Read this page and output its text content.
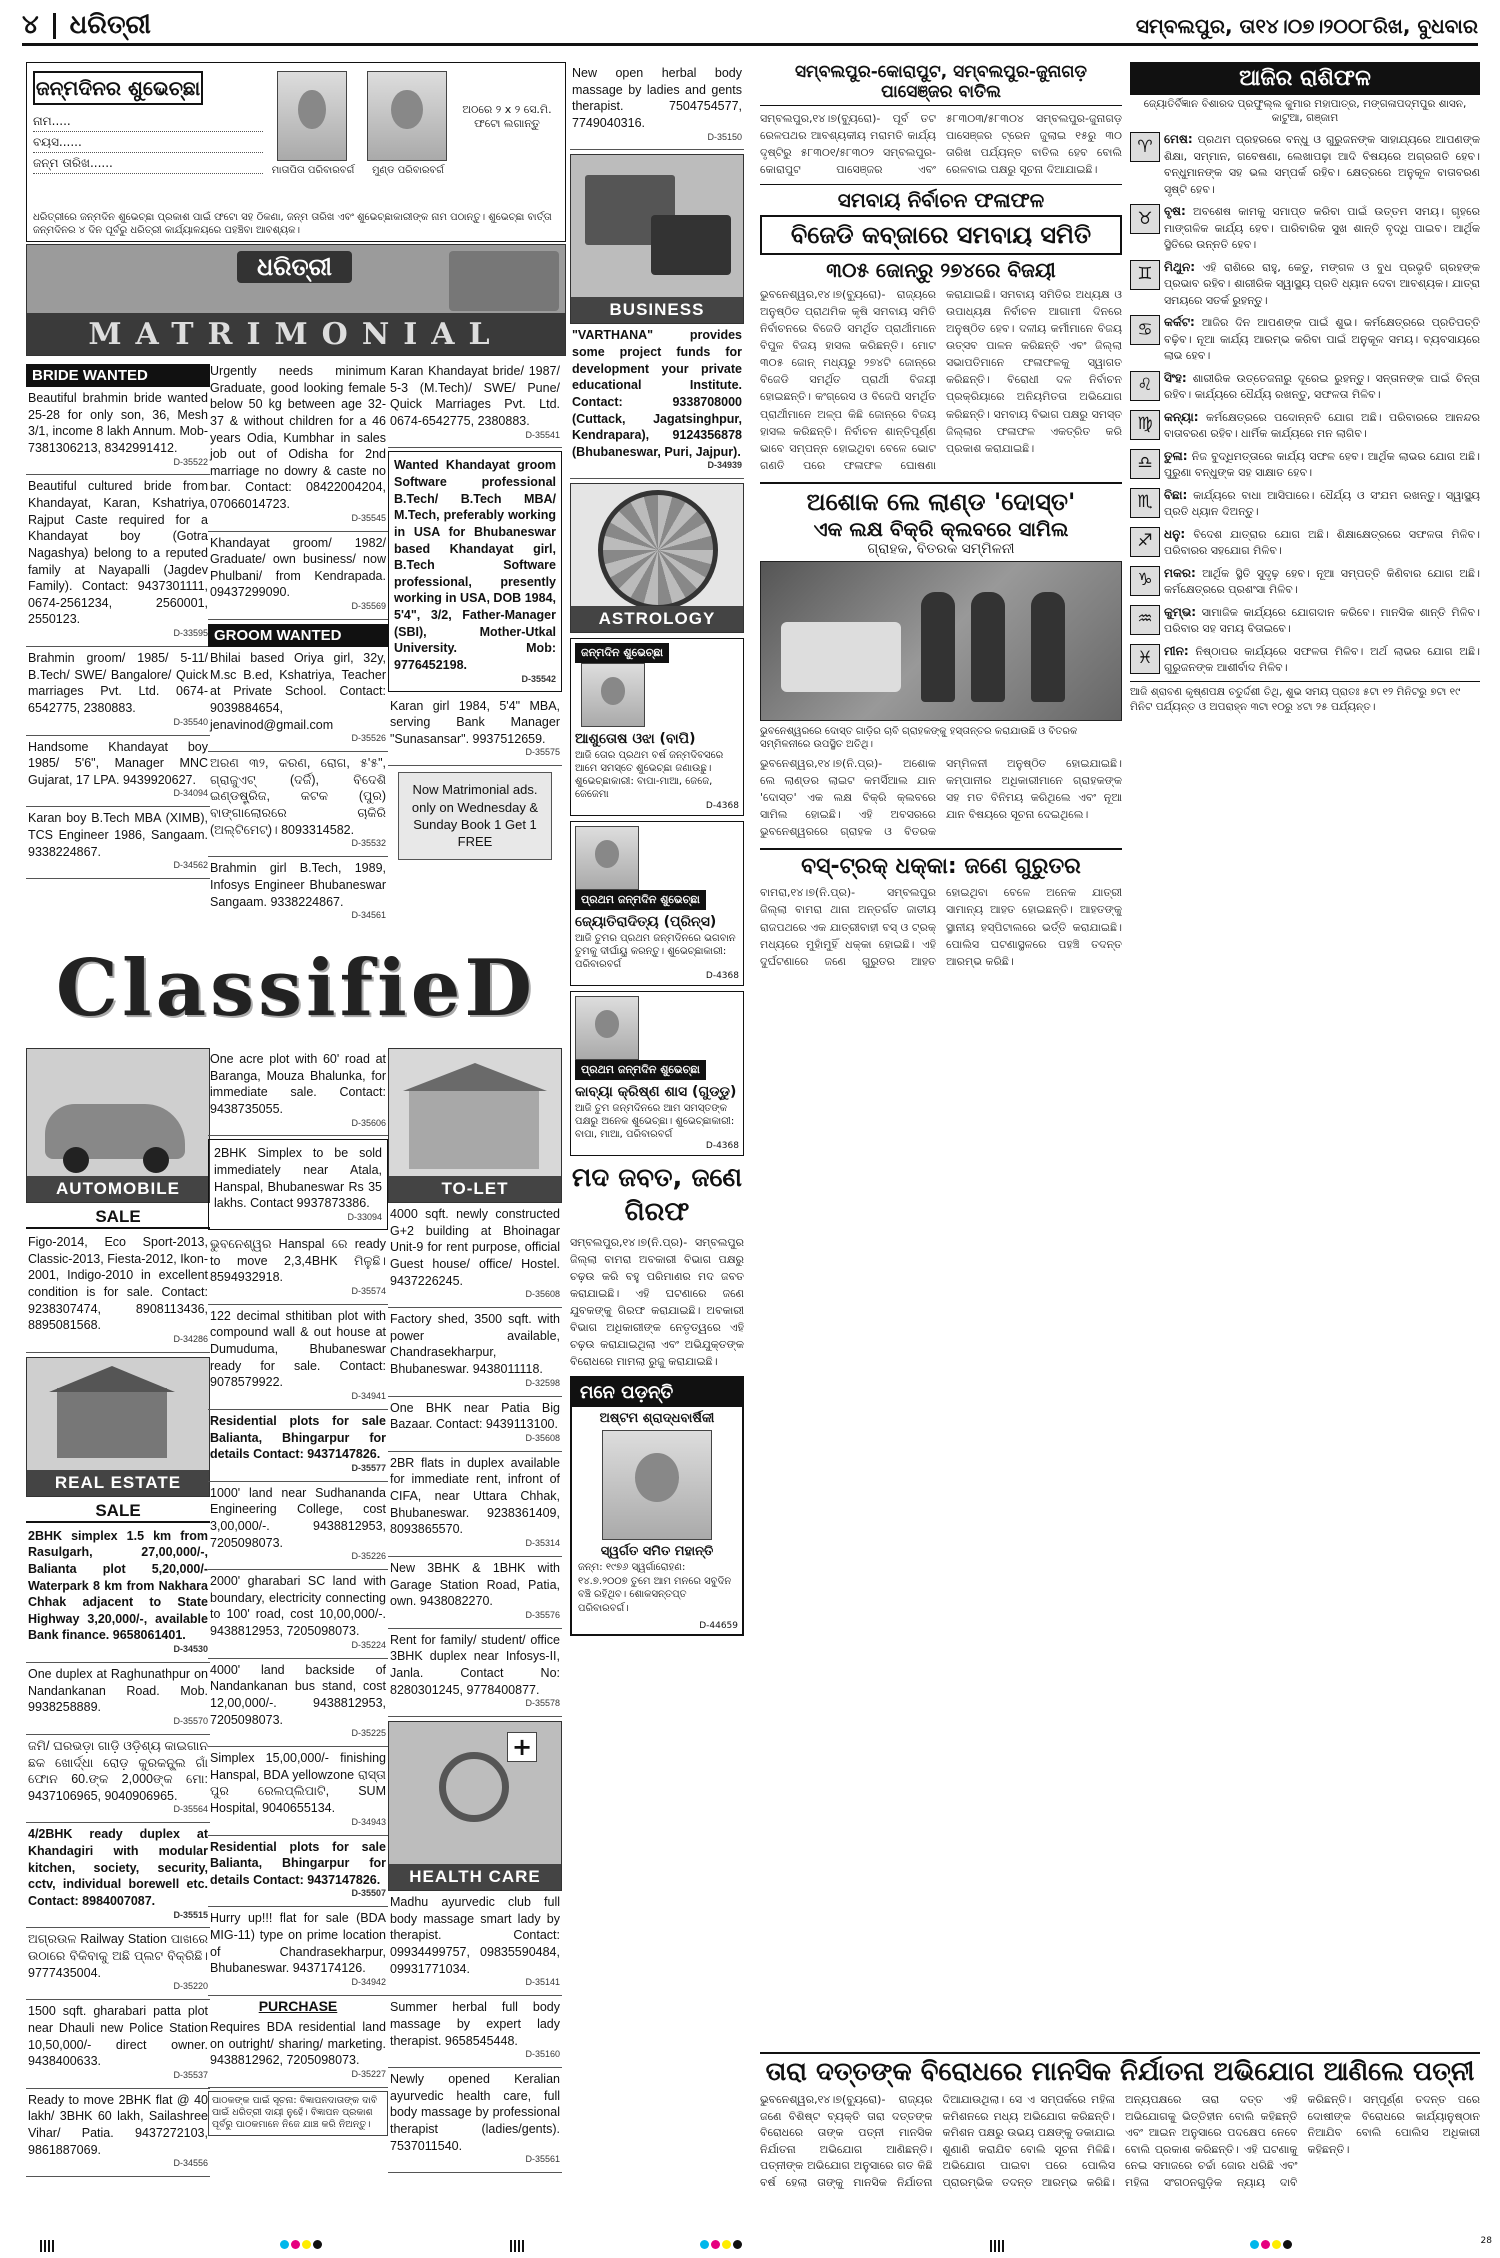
୪ ଧରିତ୍ରୀ	ସମ୍ବଲପୁର, ତା୧୪।୦୭।୨୦୦୮ରିଖ, ବୁଧବାର
ଜନ୍ମଦିନର ଶୁଭେଚ୍ଛା
ନାମ.....
ବୟସ......
ଜନ୍ମ ତାରିଖ......
ମାତାପିତା ପରିବାରବର୍ଗ	ମୁଣ୍ଡ ପରିବାରବର୍ଗ
ଅଠରେ ୨ x ୨ ସେ.ମି. ଫଟୋ ଲଗାନ୍ତୁ
ଧରିତ୍ରୀରେ ଜନ୍ମଦିନ ଶୁଭେଚ୍ଛା ପ୍ରକାଶ ପାଇଁ ଫଟୋ ସହ ଠିକଣା, ଜନ୍ମ ତାରିଖ ଏବଂ ଶୁଭେଚ୍ଛାକାରୀଙ୍କ ନାମ ପଠାନ୍ତୁ। ଶୁଭେଚ୍ଛା ବାର୍ତ୍ତା ଜନ୍ମଦିନର ୪ ଦିନ ପୂର୍ବରୁ ଧରିତ୍ରୀ କାର୍ଯ୍ୟାଳୟରେ ପହଞ୍ଚିବା ଆବଶ୍ୟକ।
ଧରିତ୍ରୀ
MATRIMONIAL
BRIDE WANTED
Beautiful brahmin bride wanted 25-28 for only son, 36, Mesh 3/1, income 8 lakh Annum. Mob-7381306213, 8342991412.
D-35522
Beautiful cultured bride from Khandayat, Karan, Kshatriya, Rajput Caste required for a Khandayat boy (Gotra Nagashya) belong to a reputed family at Nayapalli (Jagdev Family). Contact: 9437301111, 0674-2561234, 2560001, 2550123.
D-33595
Brahmin groom/ 1985/ 5-11/ B.Tech/ SWE/ Bangalore/ Quick marriages Pvt. Ltd. 0674-6542775, 2380883.
D-35540
Handsome Khandayat boy 1985/ 5'6", Manager MNC Gujarat, 17 LPA. 9439920627.
D-34094
Karan boy B.Tech MBA (XIMB), TCS Engineer 1986, Sangaam. 9338224867.
D-34562
Urgently needs minimum Graduate, good looking female below 50 kg between age 32-37 & without children for a 46 years Odia, Kumbhar in sales job out of Odisha for 2nd marriage no dowry & caste no bar. Contact: 08422004204, 07066014723.
D-35545
Khandayat groom/ 1982/ Graduate/ own business/ now Phulbani/ from Kendrapada. 09437299090.
D-35569
GROOM WANTED
Bhilai based Oriya girl, 32y, M.sc B.ed, Kshatriya, Teacher at Private School. Contact: 9039884654, jenavinod@gmail.com
D-35526
ଅରଣ ୩୨, କରଣ, ରୋଗ, ୫'୫", ଗ୍ରାଜୁଏଟ୍ (ଦର୍ଜି), ବିଦେଶି ଇଣ୍ଡଷ୍ଟ୍ରିଜ, କଟକ (ପୁର) ବାଙ୍ଗାଲୋରରେ ଚାକିରି (ଅଲ୍‌ଟିମେଟ୍)। 8093314582.
D-35532
Brahmin girl B.Tech, 1989, Infosys Engineer Bhubaneswar Sangaam. 9338224867.
D-34561
Karan Khandayat bride/ 1987/ 5-3 (M.Tech)/ SWE/ Pune/ Quick Marriages Pvt. Ltd. 0674-6542775, 2380883.
D-35541
Wanted Khandayat groom Software professional B.Tech/ B.Tech MBA/ M.Tech, preferably working in USA for Bhubaneswar based Khandayat girl, B.Tech Software professional, presently working in USA, DOB 1984, 5'4", 3/2, Father-Manager (SBI), Mother-Utkal University. Mob: 9776452198.
D-35542
Karan girl 1984, 5'4" MBA, serving Bank Manager "Sunasansar". 9937512659.
D-35575
Now Matrimonial ads. only on Wednesday & Sunday Book 1 Get 1 FREE
ClassifieD
AUTOMOBILE
SALE
Figo-2014, Eco Sport-2013, Classic-2013, Fiesta-2012, Ikon-2001, Indigo-2010 in excellent condition is for sale. Contact: 9238307474, 8908113436, 8895081568.
D-34286
REAL ESTATE
SALE
2BHK simplex 1.5 km from Rasulgarh, 27,00,000/-, Balianta plot 5,20,000/- Waterpark 8 km from Nakhara Chhak adjacent to State Highway 3,20,000/-, available Bank finance. 9658061401.
D-34530
One duplex at Raghunathpur on Nandankanan Road. Mob. 9938258889.
D-35570
ଜମି/ ଘରଭଡ଼ା ଗାଡ଼ି ଓଡ଼ିଶ୍ୟ କାଇଗାନ ଛକ ଖୋର୍ଦ୍ଧା ରୋଡ଼ କୁରକନ୍ଗ୍ଲ ଗାଁ ଫୋନ 60.ଙ୍କ 2,000ଙ୍କ ମୋ: 9437106965, 9040906965.
D-35564
4/2BHK ready duplex at Khandagiri with modular kitchen, society, security, cctv, individual borewell etc. Contact: 8984007087.
D-35515
ଅଗ୍ରଉଳ Railway Station ପାଖରେ ଉଠାରେ ବିକିବାକୁ ଅଛି ପ୍ଲଟ ବିକ୍ରିଛି। 9777435004.
D-35220
1500 sqft. gharabari patta plot near Dhauli new Police Station 10,50,000/- direct owner. 9438400633.
D-35537
Ready to move 2BHK flat @ 40 lakh/ 3BHK 60 lakh, Sailashree Vihar/ Patia. 9437272103, 9861887069.
D-34556
One acre plot with 60' road at Baranga, Mouza Bhalunka, for immediate sale. Contact: 9438735055.
D-35606
2BHK Simplex to be sold immediately near Atala, Hanspal, Bhubaneswar Rs 35 lakhs. Contact 9937873386.
D-33094
ଭୁବନେଶ୍ୱର Hanspal ରେ ready to move 2,3,4BHK ମିଳୁଛି। 8594932918.
D-35574
122 decimal sthitiban plot with compound wall & out house at Dumuduma, Bhubaneswar ready for sale. Contact: 9078579922.
D-34941
Residential plots for sale Balianta, Bhingarpur for details Contact: 9437147826.
D-35577
1000' land near Sudhananda Engineering College, cost 3,00,000/-. 9438812953, 7205098073.
D-35226
2000' gharabari SC land with boundary, electricity connecting to 100' road, cost 10,00,000/-. 9438812953, 7205098073.
D-35224
4000' land backside of Nandankanan bus stand, cost 12,00,000/-. 9438812953, 7205098073.
D-35225
Simplex 15,00,000/- finishing Hanspal, BDA yellowzone ରାସ୍ତା ପୁର ରେଲପ୍ଲିପାଟି, SUM Hospital, 9040655134.
D-34943
Residential plots for sale Balianta, Bhingarpur for details Contact: 9437147826.
D-35507
Hurry up!!! flat for sale (BDA MIG-11) type on prime location of Chandrasekharpur, Bhubaneswar. 9437174126.
D-34942
PURCHASE
Requires BDA residential land on outright/ sharing/ marketing. 9438812962, 7205098073.
D-35227
ପାଠକଙ୍କ ପାଇଁ ସୂଚନା: ବିଜ୍ଞାପନଦାତାଙ୍କ ଦାବି ପାଇଁ ଧରିତ୍ରୀ ଦାୟୀ ନୁହେଁ। ବିଜ୍ଞାପନ ପ୍ରକାଶ ପୂର୍ବରୁ ପାଠକମାନେ ନିଜେ ଯାଞ୍ଚ କରି ନିଅନ୍ତୁ।
TO-LET
4000 sqft. newly constructed G+2 building at Bhoinagar Unit-9 for rent purpose, official Guest house/ office/ Hostel. 9437226245.
D-35608
Factory shed, 3500 sqft. with power available, Chandrasekharpur, Bhubaneswar. 9438011118.
D-32598
One BHK near Patia Big Bazaar. Contact: 9439113100.
D-35608
2BR flats in duplex available for immediate rent, infront of CIFA, near Uttara Chhak, Bhubaneswar. 9238361409, 8093865570.
D-35314
New 3BHK & 1BHK with Garage Station Road, Patia, own. 9438082270.
D-35576
Rent for family/ student/ office 3BHK duplex near Infosys-II, Janla. Contact No: 8280301245, 9778400877.
D-35578
+
HEALTH CARE
Madhu ayurvedic club full body massage smart lady by therapist. Contact: 09934499757, 09835590484, 09931771034.
D-35141
Summer herbal full body massage by expert lady therapist. 9658545448.
D-35160
Newly opened Keralian ayurvedic health care, full body massage by professional therapist (ladies/gents). 7537011540.
D-35561
New open herbal body massage by ladies and gents therapist. 7504754577, 7749040316.
D-35150
BUSINESS
"VARTHANA" provides some project funds for development your private educational Institute. Contact: 9338708000 (Cuttack, Jagatsinghpur, Kendrapara), 9124356878 (Bhubaneswar, Puri, Jajpur).
D-34939
ASTROLOGY
ଜନ୍ମଦିନ ଶୁଭେଚ୍ଛା
ଆଶୁତୋଷ ଓଝା (ବାପି)
ଆଜି ତୋର ପ୍ରଥମ ବର୍ଷ ଜନ୍ମଦିବସରେ ଆମେ ସମସ୍ତେ ଶୁଭେଚ୍ଛା ଜଣାଉଛୁ। ଶୁଭେଚ୍ଛାକାରୀ: ବାପା-ମାଆ, ଜେଜେ, ଜେଜେମା
D-4368
ପ୍ରଥମ ଜନ୍ମଦିନ ଶୁଭେଚ୍ଛା
ଜ୍ୟୋତିରାଦିତ୍ୟ (ପ୍ରିନ୍ସ)
ଆଜି ତୁମର ପ୍ରଥମ ଜନ୍ମଦିନରେ ଭଗବାନ ତୁମକୁ ଦୀର୍ଘାୟୁ କରନ୍ତୁ। ଶୁଭେଚ୍ଛାକାରୀ: ପରିବାରବର୍ଗ
D-4368
ପ୍ରଥମ ଜନ୍ମଦିନ ଶୁଭେଚ୍ଛା
କାବ୍ୟା କ୍ରିଷ୍ଣ ଶାସ (ଗୁଡ୍ଡୁ)
ଆଜି ତୁମ ଜନ୍ମଦିନରେ ଆମ ସମସ୍ତଙ୍କ ପକ୍ଷରୁ ଅନେକ ଶୁଭେଚ୍ଛା। ଶୁଭେଚ୍ଛାକାରୀ: ବାପା, ମାଆ, ପରିବାରବର୍ଗ
D-4368
ମଦ ଜବତ, ଜଣେ ଗିରଫ
ସମ୍ବଲପୁର,୧୪।୭(ନି.ପ୍ର)- ସମ୍ବଲପୁର ଜିଲ୍ଲା ବାମରା ଅବକାରୀ ବିଭାଗ ପକ୍ଷରୁ ଚଢ଼ଉ କରି ବହୁ ପରିମାଣର ମଦ ଜବତ କରାଯାଇଛି। ଏହି ଘଟଣାରେ ଜଣେ ଯୁବକଙ୍କୁ ଗିରଫ କରାଯାଇଛି। ଅବକାରୀ ବିଭାଗ ଅଧିକାରୀଙ୍କ ନେତୃତ୍ୱରେ ଏହି ଚଢ଼ଉ କରାଯାଇଥିଲା ଏବଂ ଅଭିଯୁକ୍ତଙ୍କ ବିରୋଧରେ ମାମଲା ରୁଜୁ କରାଯାଇଛି।
ମନେ ପଡ଼ନ୍ତି
ଅଷ୍ଟମ ଶ୍ରାଦ୍ଧବାର୍ଷିକୀ
ସ୍ୱର୍ଗତ ସମିତ ମହାନ୍ତି
ଜନ୍ମ: ୧୯୭୬ ସ୍ୱର୍ଗାରୋହଣ: ୧୪.୭.୨୦୦୭ ତୁମେ ଆମ ମନରେ ସବୁଦିନ ବଞ୍ଚି ରହିଥିବ। ଶୋକସନ୍ତପ୍ତ ପରିବାରବର୍ଗ।
D-44659
ସମ୍ବଲପୁର-କୋରାପୁଟ, ସମ୍ବଲପୁର-ଜୁନାଗଡ଼ ପାସେଞ୍ଜର ବାତିଲ
ସମ୍ବଲପୁର,୧୪।୭(ବ୍ୟୁରୋ)- ପୂର୍ବ ତଟ ରେଳପଥର ଆବଶ୍ୟକୀୟ ମରାମତି କାର୍ଯ୍ୟ ଦୃଷ୍ଟିରୁ ୫୮୩୦୧/୫୮୩୦୨ ସମ୍ବଲପୁର-କୋରାପୁଟ ପାସେଞ୍ଜର ଏବଂ ୫୮୩୦୩/୫୮୩୦୪ ସମ୍ବଲପୁର-ଜୁନାଗଡ଼ ପାସେଞ୍ଜର ଟ୍ରେନ ଜୁଲାଇ ୧୫ରୁ ୩୦ ତାରିଖ ପର୍ଯ୍ୟନ୍ତ ବାତିଲ ହେବ ବୋଲି ରେଳବାଇ ପକ୍ଷରୁ ସୂଚନା ଦିଆଯାଇଛି।
ସମବାୟ ନିର୍ବାଚନ ଫଳାଫଳ
ବିଜେଡି କବ୍‌ଜାରେ ସମବାୟ ସମିତି
୩୦୫ ଜୋନ୍‌ରୁ ୨୭୪ରେ ବିଜୟୀ
ଭୁବନେଶ୍ୱର,୧୪।୭(ବ୍ୟୁରୋ)- ରାଜ୍ୟରେ ଅନୁଷ୍ଠିତ ପ୍ରାଥମିକ କୃଷି ସମବାୟ ସମିତି ନିର୍ବାଚନରେ ବିଜେଡି ସମର୍ଥିତ ପ୍ରାର୍ଥୀମାନେ ବିପୁଳ ବିଜୟ ହାସଲ କରିଛନ୍ତି। ମୋଟ ୩୦୫ ଜୋନ୍‌ ମଧ୍ୟରୁ ୨୭୪ଟି ଜୋନ୍‌ରେ ବିଜେଡି ସମର୍ଥିତ ପ୍ରାର୍ଥୀ ବିଜୟୀ ହୋଇଛନ୍ତି। କଂଗ୍ରେସ ଓ ବିଜେପି ସମର୍ଥିତ ପ୍ରାର୍ଥୀମାନେ ଅଳ୍ପ କିଛି ଜୋନ୍‌ରେ ବିଜୟ ହାସଲ କରିଛନ୍ତି। ନିର୍ବାଚନ ଶାନ୍ତିପୂର୍ଣ୍ଣ ଭାବେ ସମ୍ପନ୍ନ ହୋଇଥିବା ବେଳେ ଭୋଟ ଗଣତି ପରେ ଫଳାଫଳ ଘୋଷଣା କରାଯାଇଛି। ସମବାୟ ସମିତିର ଅଧ୍ୟକ୍ଷ ଓ ଉପାଧ୍ୟକ୍ଷ ନିର୍ବାଚନ ଆଗାମୀ ଦିନରେ ଅନୁଷ୍ଠିତ ହେବ। ଦଳୀୟ କର୍ମୀମାନେ ବିଜୟ ଉତ୍ସବ ପାଳନ କରିଛନ୍ତି ଏବଂ ଜିଲ୍ଲା ସଭାପତିମାନେ ଫଳାଫଳକୁ ସ୍ୱାଗତ କରିଛନ୍ତି। ବିରୋଧୀ ଦଳ ନିର୍ବାଚନ ପ୍ରକ୍ରିୟାରେ ଅନିୟମିତତା ଅଭିଯୋଗ କରିଛନ୍ତି। ସମବାୟ ବିଭାଗ ପକ୍ଷରୁ ସମସ୍ତ ଜିଲ୍ଲାର ଫଳାଫଳ ଏକତ୍ରିତ କରି ପ୍ରକାଶ କରାଯାଇଛି।
ଅଶୋକ ଲେ ଲାଣ୍ଡ 'ଦୋସ୍ତ'
ଏକ ଲକ୍ଷ ବିକ୍ରି କ୍ଲବରେ ସାମିଲ
ଗ୍ରାହକ, ବିତରକ ସମ୍ମିଳନୀ
ଭୁବନେଶ୍ୱରରେ ଦୋସ୍ତ ଗାଡ଼ିର ଚାବି ଗ୍ରାହକଙ୍କୁ ହସ୍ତାନ୍ତର କରାଯାଉଛି ଓ ବିତରକ ସମ୍ମିଳନୀରେ ଉପସ୍ଥିତ ଅତିଥି।
ଭୁବନେଶ୍ୱର,୧୪।୭(ନି.ପ୍ର)- ଅଶୋକ ଲେ ଲାଣ୍ଡର ଲାଇଟ କମର୍ସିଆଲ ଯାନ 'ଦୋସ୍ତ' ଏକ ଲକ୍ଷ ବିକ୍ରି କ୍ଲବରେ ସାମିଲ ହୋଇଛି। ଏହି ଅବସରରେ ଭୁବନେଶ୍ୱରରେ ଗ୍ରାହକ ଓ ବିତରକ ସମ୍ମିଳନୀ ଅନୁଷ୍ଠିତ ହୋଇଯାଇଛି। କମ୍ପାନୀର ଅଧିକାରୀମାନେ ଗ୍ରାହକଙ୍କ ସହ ମତ ବିନିମୟ କରିଥିଲେ ଏବଂ ନୂଆ ଯାନ ବିଷୟରେ ସୂଚନା ଦେଇଥିଲେ।
ବସ୍-ଟ୍ରକ୍ ଧକ୍କା: ଜଣେ ଗୁରୁତର
ବାମରା,୧୪।୭(ନି.ପ୍ର)- ସମ୍ବଲପୁର ଜିଲ୍ଲା ବାମରା ଥାନା ଅନ୍ତର୍ଗତ ଜାତୀୟ ରାଜପଥରେ ଏକ ଯାତ୍ରୀବାହୀ ବସ୍ ଓ ଟ୍ରକ୍ ମଧ୍ୟରେ ମୁହାଁମୁହିଁ ଧକ୍କା ହୋଇଛି। ଏହି ଦୁର୍ଘଟଣାରେ ଜଣେ ଗୁରୁତର ଆହତ ହୋଇଥିବା ବେଳେ ଅନେକ ଯାତ୍ରୀ ସାମାନ୍ୟ ଆହତ ହୋଇଛନ୍ତି। ଆହତଙ୍କୁ ସ୍ଥାନୀୟ ହସ୍ପିଟାଲରେ ଭର୍ତ୍ତି କରାଯାଇଛି। ପୋଲିସ ଘଟଣାସ୍ଥଳରେ ପହଞ୍ଚି ତଦନ୍ତ ଆରମ୍ଭ କରିଛି।
ଆଜିର ରାଶିଫଳ
ଜ୍ୟୋତିର୍ବିଜ୍ଞାନ ବିଶାରଦ ପ୍ରଫୁଲ୍ଲ କୁମାର ମହାପାତ୍ର, ମଙ୍ଗଳାପଦ୍ମପୁର ଶାସନ, କାଟୁଆ, ଗଞ୍ଜାମ
♈ ମେଷ: ପ୍ରଥମ ପ୍ରହରରେ ବନ୍ଧୁ ଓ ଗୁରୁଜନଙ୍କ ସାହାଯ୍ୟରେ ଆପଣଙ୍କ ଶିକ୍ଷା, ସମ୍ମାନ, ଗବେଷଣା, ଲେଖାପଢ଼ା ଆଦି ବିଷୟରେ ଅଗ୍ରଗତି ହେବ। ବନ୍ଧୁମାନଙ୍କ ସହ ଭଲ ସମ୍ପର୍କ ରହିବ। କ୍ଷେତ୍ରରେ ଅନୁକୂଳ ବାତାବରଣ ସୃଷ୍ଟି ହେବ।
♉ ବୃଷ: ଅବଶେଷ କାମକୁ ସମାପ୍ତ କରିବା ପାଇଁ ଉତ୍ତମ ସମୟ। ଗୃହରେ ମାଙ୍ଗଳିକ କାର୍ଯ୍ୟ ହେବ। ପାରିବାରିକ ସୁଖ ଶାନ୍ତି ବୃଦ୍ଧି ପାଇବ। ଆର୍ଥିକ ସ୍ଥିତିରେ ଉନ୍ନତି ହେବ।
♊ ମିଥୁନ: ଏହି ରାଶିରେ ରାହୁ, କେତୁ, ମଙ୍ଗଳ ଓ ବୁଧ ପ୍ରଭୃତି ଗ୍ରହଙ୍କ ପ୍ରଭାବ ରହିବ। ଶାରୀରିକ ସ୍ୱାସ୍ଥ୍ୟ ପ୍ରତି ଧ୍ୟାନ ଦେବା ଆବଶ୍ୟକ। ଯାତ୍ରା ସମୟରେ ସତର୍କ ରୁହନ୍ତୁ।
♋ କର୍କଟ: ଆଜିର ଦିନ ଆପଣଙ୍କ ପାଇଁ ଶୁଭ। କର୍ମକ୍ଷେତ୍ରରେ ପ୍ରତିପତ୍ତି ବଢ଼ିବ। ନୂଆ କାର୍ଯ୍ୟ ଆରମ୍ଭ କରିବା ପାଇଁ ଅନୁକୂଳ ସମୟ। ବ୍ୟବସାୟରେ ଲାଭ ହେବ।
♌ ସିଂହ: ଶାରୀରିକ ଉତ୍ତେଜନାରୁ ଦୂରେଇ ରୁହନ୍ତୁ। ସନ୍ତାନଙ୍କ ପାଇଁ ଚିନ୍ତା ରହିବ। କାର୍ଯ୍ୟରେ ଧୈର୍ଯ୍ୟ ରଖନ୍ତୁ, ସଫଳତା ମିଳିବ।
♍ କନ୍ୟା: କର୍ମକ୍ଷେତ୍ରରେ ପଦୋନ୍ନତି ଯୋଗ ଅଛି। ପରିବାରରେ ଆନନ୍ଦର ବାତାବରଣ ରହିବ। ଧାର୍ମିକ କାର୍ଯ୍ୟରେ ମନ ଲାଗିବ।
♎ ତୁଳା: ନିଜ ବୁଦ୍ଧିମତ୍ତାରେ କାର୍ଯ୍ୟ ସଫଳ ହେବ। ଆର୍ଥିକ ଲାଭର ଯୋଗ ଅଛି। ପୁରୁଣା ବନ୍ଧୁଙ୍କ ସହ ସାକ୍ଷାତ ହେବ।
♏ ବିଛା: କାର୍ଯ୍ୟରେ ବାଧା ଆସିପାରେ। ଧୈର୍ଯ୍ୟ ଓ ସଂଯମ ରଖନ୍ତୁ। ସ୍ୱାସ୍ଥ୍ୟ ପ୍ରତି ଧ୍ୟାନ ଦିଅନ୍ତୁ।
♐ ଧନୁ: ବିଦେଶ ଯାତ୍ରାର ଯୋଗ ଅଛି। ଶିକ୍ଷାକ୍ଷେତ୍ରରେ ସଫଳତା ମିଳିବ। ପରିବାରର ସହଯୋଗ ମିଳିବ।
♑ ମକର: ଆର୍ଥିକ ସ୍ଥିତି ସୁଦୃଢ଼ ହେବ। ନୂଆ ସମ୍ପତ୍ତି କିଣିବାର ଯୋଗ ଅଛି। କର୍ମକ୍ଷେତ୍ରରେ ପ୍ରଶଂସା ମିଳିବ।
♒ କୁମ୍ଭ: ସାମାଜିକ କାର୍ଯ୍ୟରେ ଯୋଗଦାନ କରିବେ। ମାନସିକ ଶାନ୍ତି ମିଳିବ। ପରିବାର ସହ ସମୟ ବିତାଇବେ।
♓ ମୀନ: ନିଷ୍ଠାପର କାର୍ଯ୍ୟରେ ସଫଳତା ମିଳିବ। ଅର୍ଥ ଲାଭର ଯୋଗ ଅଛି। ଗୁରୁଜନଙ୍କ ଆଶୀର୍ବାଦ ମିଳିବ।
ଆଜି ଶ୍ରାବଣ କୃଷ୍ଣପକ୍ଷ ଚତୁର୍ଦ୍ଦଶୀ ତିଥି, ଶୁଭ ସମୟ ପ୍ରାତଃ ୫ଟା ୧୨ ମିନିଟରୁ ୭ଟା ୧୯ ମିନିଟ ପର୍ଯ୍ୟନ୍ତ ଓ ଅପରାହ୍ନ ୩ଟା ୧୦ରୁ ୪ଟା ୨୫ ପର୍ଯ୍ୟନ୍ତ।
ତାରା ଦତ୍ତଙ୍କ ବିରୋଧରେ ମାନସିକ ନିର୍ଯାତନା ଅଭିଯୋଗ ଆଣିଲେ ପତ୍ନୀ
ଭୁବନେଶ୍ୱର,୧୪।୭(ବ୍ୟୁରୋ)- ରାଜ୍ୟର ଜଣେ ବିଶିଷ୍ଟ ବ୍ୟକ୍ତି ତାରା ଦତ୍ତଙ୍କ ବିରୋଧରେ ତାଙ୍କ ପତ୍ନୀ ମାନସିକ ନିର୍ଯାତନା ଅଭିଯୋଗ ଆଣିଛନ୍ତି। ପତ୍ନୀଙ୍କ ଅଭିଯୋଗ ଅନୁସାରେ ଗତ କିଛି ବର୍ଷ ହେଲା ତାଙ୍କୁ ମାନସିକ ନିର୍ଯାତନା ଦିଆଯାଉଥିଲା। ସେ ଏ ସମ୍ପର୍କରେ ମହିଳା କମିଶନରେ ମଧ୍ୟ ଅଭିଯୋଗ କରିଛନ୍ତି। କମିଶନ ପକ୍ଷରୁ ଉଭୟ ପକ୍ଷଙ୍କୁ ଡକାଯାଇ ଶୁଣାଣି କରାଯିବ ବୋଲି ସୂଚନା ମିଳିଛି। ଅଭିଯୋଗ ପାଇବା ପରେ ପୋଲିସ ପ୍ରାରମ୍ଭିକ ତଦନ୍ତ ଆରମ୍ଭ କରିଛି। ଅନ୍ୟପକ୍ଷରେ ତାରା ଦତ୍ତ ଏହି ଅଭିଯୋଗକୁ ଭିତ୍ତିହୀନ ବୋଲି କହିଛନ୍ତି ଏବଂ ଆଇନ ଅନୁସାରେ ପଦକ୍ଷେପ ନେବେ ବୋଲି ପ୍ରକାଶ କରିଛନ୍ତି। ଏହି ଘଟଣାକୁ ନେଇ ସମାଜରେ ଚର୍ଚ୍ଚା ଜୋର ଧରିଛି ଏବଂ ମହିଳା ସଂଗଠନଗୁଡ଼ିକ ନ୍ୟାୟ ଦାବି କରିଛନ୍ତି। ସମ୍ପୂର୍ଣ୍ଣ ତଦନ୍ତ ପରେ ଦୋଷୀଙ୍କ ବିରୋଧରେ କାର୍ଯ୍ୟାନୁଷ୍ଠାନ ନିଆଯିବ ବୋଲି ପୋଲିସ ଅଧିକାରୀ କହିଛନ୍ତି।
28
